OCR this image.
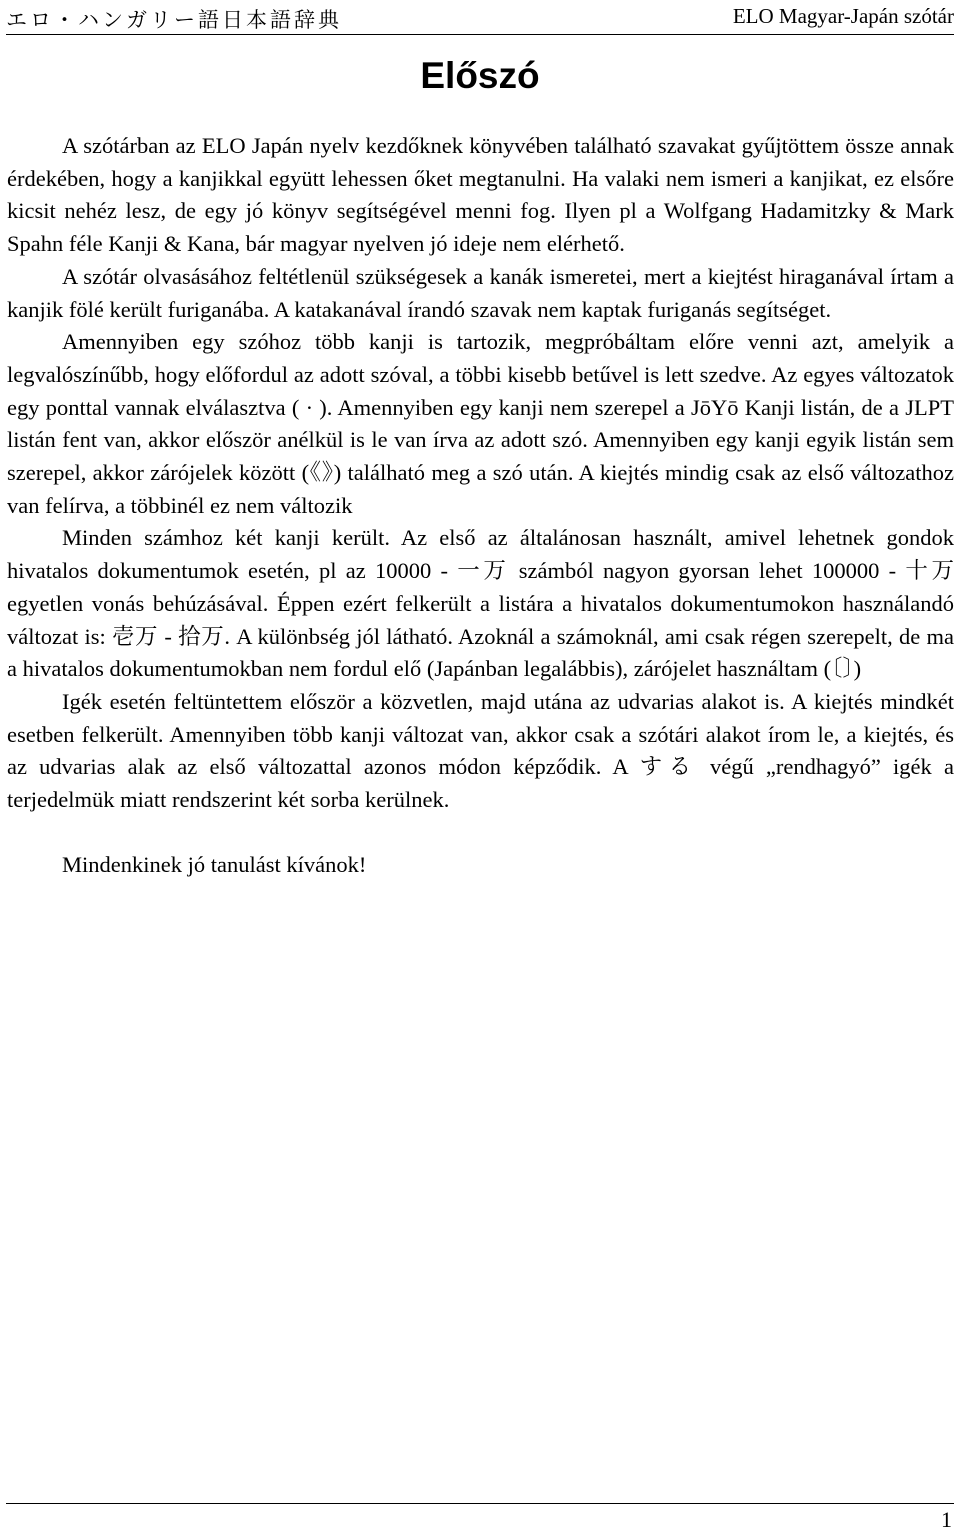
エロ・ハンガリー語日本語辞典	ELO Magyar-Japán szótár
Előszó

A szótárban az ELO Japán nyelv kezdőknek könyvében található szavakat gyűjtöttem össze annak érdekében, hogy a kanjikkal együtt lehessen őket megtanulni. Ha valaki nem ismeri a kanjikat, ez elsőre kicsit nehéz lesz, de egy jó könyv segítségével menni fog. Ilyen pl a Wolfgang Hadamitzky & Mark Spahn féle Kanji & Kana, bár magyar nyelven jó ideje nem elérhető.

A szótár olvasásához feltétlenül szükségesek a kanák ismeretei, mert a kiejtést hiraganával írtam a kanjik fölé került furiganába. A katakanával írandó szavak nem kaptak furiganás segítséget.

Amennyiben egy szóhoz több kanji is tartozik, megpróbáltam előre venni azt, amelyik a legvalószínűbb, hogy előfordul az adott szóval, a többi kisebb betűvel is lett szedve. Az egyes változatok egy ponttal vannak elválasztva ( · ). Amennyiben egy kanji nem szerepel a JōYō Kanji listán, de a JLPT listán fent van, akkor először anélkül is le van írva az adott szó. Amennyiben egy kanji egyik listán sem szerepel, akkor zárójelek között (《》) található meg a szó után. A kiejtés mindig csak az első változathoz van felírva, a többinél ez nem változik

Minden számhoz két kanji került. Az első az általánosan használt, amivel lehetnek gondok hivatalos dokumentumok esetén, pl az 10000 - 一万 számból nagyon gyorsan lehet 100000 - 十万 egyetlen vonás behúzásával. Éppen ezért felkerült a listára a hivatalos dokumentumokon használandó változat is: 壱万 - 拾万. A különbség jól látható. Azoknál a számoknál, ami csak régen szerepelt, de ma a hivatalos dokumentumokban nem fordul elő (Japánban legalábbis), zárójelet használtam (〔〕)

Igék esetén feltüntettem először a közvetlen, majd utána az udvarias alakot is. A kiejtés mindkét esetben felkerült. Amennyiben több kanji változat van, akkor csak a szótári alakot írom le, a kiejtés, és az udvarias alak az első változattal azonos módon képződik. A する végű „rendhagyó” igék a terjedelmük miatt rendszerint két sorba kerülnek.

Mindenkinek jó tanulást kívánok!

1
